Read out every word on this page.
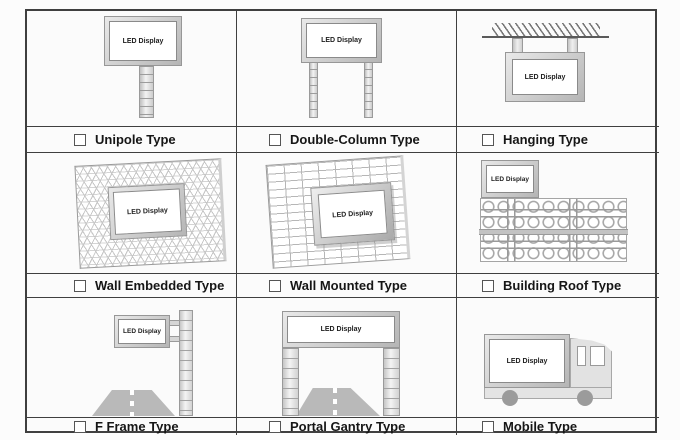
LED Display
Unipole Type
LED Display
Double-Column Type
LED Display
Hanging Type
LED Display
Wall Embedded Type
LED Display
Wall Mounted Type
LED Display
Building Roof Type
LED Display
F Frame Type
LED Display
Portal Gantry Type
LED Display
Mobile Type
